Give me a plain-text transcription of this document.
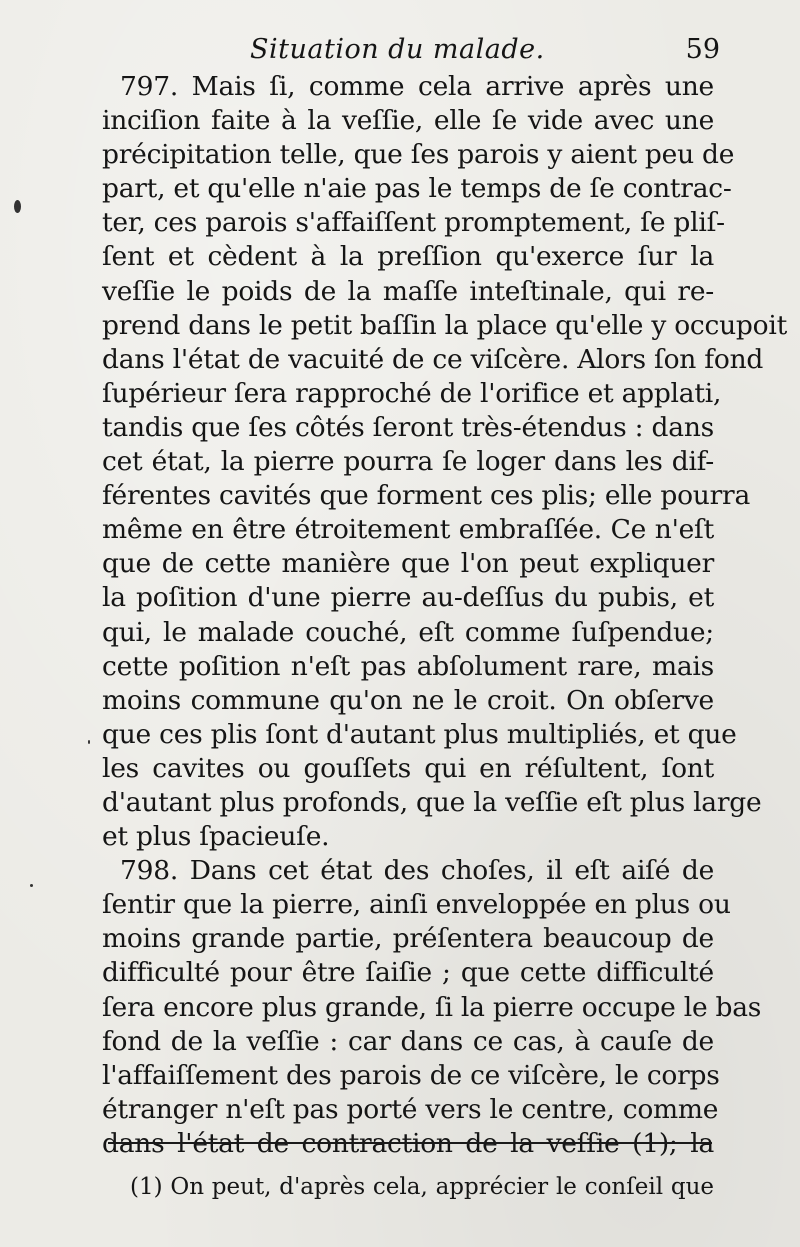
Situation du malade.	59
797. Mais ſi, comme cela arrive après une
inciſion faite à la veſſie, elle ſe vide avec une
précipitation telle, que ſes parois y aient peu de
part, et qu'elle n'aie pas le temps de ſe contrac-
ter, ces parois s'affaiſſent promptement, ſe pliſ-
ſent et cèdent à la preſſion qu'exerce ſur la
veſſie le poids de la maſſe inteſtinale, qui re-
prend dans le petit baſſin la place qu'elle y occupoit
dans l'état de vacuité de ce viſcère. Alors ſon fond
ſupérieur ſera rapproché de l'orifice et applati,
tandis que ſes côtés ſeront très-étendus : dans
cet état, la pierre pourra ſe loger dans les dif-
férentes cavités que forment ces plis; elle pourra
même en être étroitement embraſſée. Ce n'eſt
que de cette manière que l'on peut expliquer
la poſition d'une pierre au-deſſus du pubis, et
qui, le malade couché, eſt comme ſuſpendue;
cette poſition n'eſt pas abſolument rare, mais
moins commune qu'on ne le croit. On obſerve
que ces plis ſont d'autant plus multipliés, et que
les cavites ou gouſſets qui en réſultent, ſont
d'autant plus profonds, que la veſſie eſt plus large
et plus ſpacieuſe.
798. Dans cet état des choſes, il eſt aiſé de
ſentir que la pierre, ainſi enveloppée en plus ou
moins grande partie, préſentera beaucoup de
difficulté pour être ſaiſie ; que cette difficulté
ſera encore plus grande, ſi la pierre occupe le bas
fond de la veſſie : car dans ce cas, à cauſe de
l'affaiſſement des parois de ce viſcère, le corps
étranger n'eſt pas porté vers le centre, comme
dans l'état de contraction de la veſſie (1); la
(1) On peut, d'après cela, apprécier le conſeil que
